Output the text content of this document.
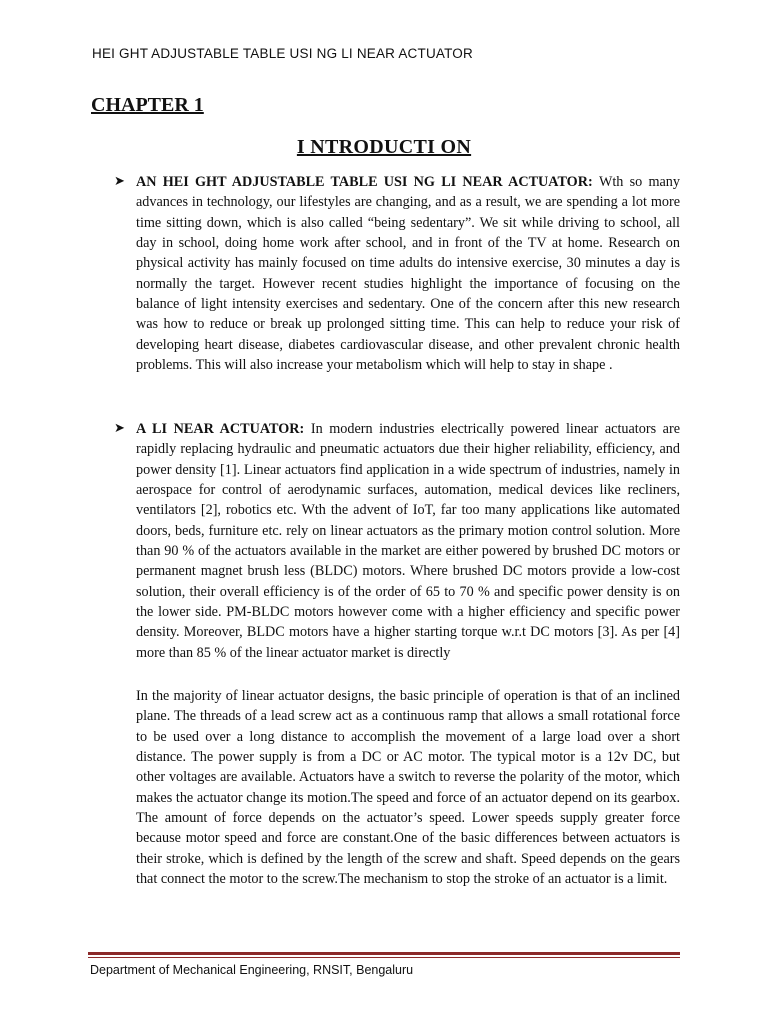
HEI GHT ADJUSTABLE TABLE USI NG LI NEAR ACTUATOR
CHAPTER 1
I NTRODUCTI ON
➤ AN HEI GHT ADJUSTABLE TABLE USI NG LI NEAR ACTUATOR: Wth so many advances in technology, our lifestyles are changing, and as a result, we are spending a lot more time sitting down, which is also called “being sedentary”. We sit while driving to school, all day in school, doing home work after school, and in front of the TV at home. Research on physical activity has mainly focused on time adults do intensive exercise, 30 minutes a day is normally the target. However recent studies highlight the importance of focusing on the balance of light intensity exercises and sedentary. One of the concern after this new research was how to reduce or break up prolonged sitting time. This can help to reduce your risk of developing heart disease, diabetes cardiovascular disease, and other prevalent chronic health problems. This will also increase your metabolism which will help to stay in shape .
➤ A LI NEAR ACTUATOR: In modern industries electrically powered linear actuators are rapidly replacing hydraulic and pneumatic actuators due their higher reliability, efficiency, and power density [1]. Linear actuators find application in a wide spectrum of industries, namely in aerospace for control of aerodynamic surfaces, automation, medical devices like recliners, ventilators [2], robotics etc. Wth the advent of IoT, far too many applications like automated doors, beds, furniture etc. rely on linear actuators as the primary motion control solution. More than 90 % of the actuators available in the market are either powered by brushed DC motors or permanent magnet brush less (BLDC) motors. Where brushed DC motors provide a low-cost solution, their overall efficiency is of the order of 65 to 70 % and specific power density is on the lower side. PM-BLDC motors however come with a higher efficiency and specific power density. Moreover, BLDC motors have a higher starting torque w.r.t DC motors [3]. As per [4] more than 85 % of the linear actuator market is directly
In the majority of linear actuator designs, the basic principle of operation is that of an inclined plane. The threads of a lead screw act as a continuous ramp that allows a small rotational force to be used over a long distance to accomplish the movement of a large load over a short distance. The power supply is from a DC or AC motor. The typical motor is a 12v DC, but other voltages are available. Actuators have a switch to reverse the polarity of the motor, which makes the actuator change its motion.The speed and force of an actuator depend on its gearbox. The amount of force depends on the actuator’s speed. Lower speeds supply greater force because motor speed and force are constant.One of the basic differences between actuators is their stroke, which is defined by the length of the screw and shaft. Speed depends on the gears that connect the motor to the screw.The mechanism to stop the stroke of an actuator is a limit.
Department of Mechanical Engineering, RNSIT, Bengaluru
